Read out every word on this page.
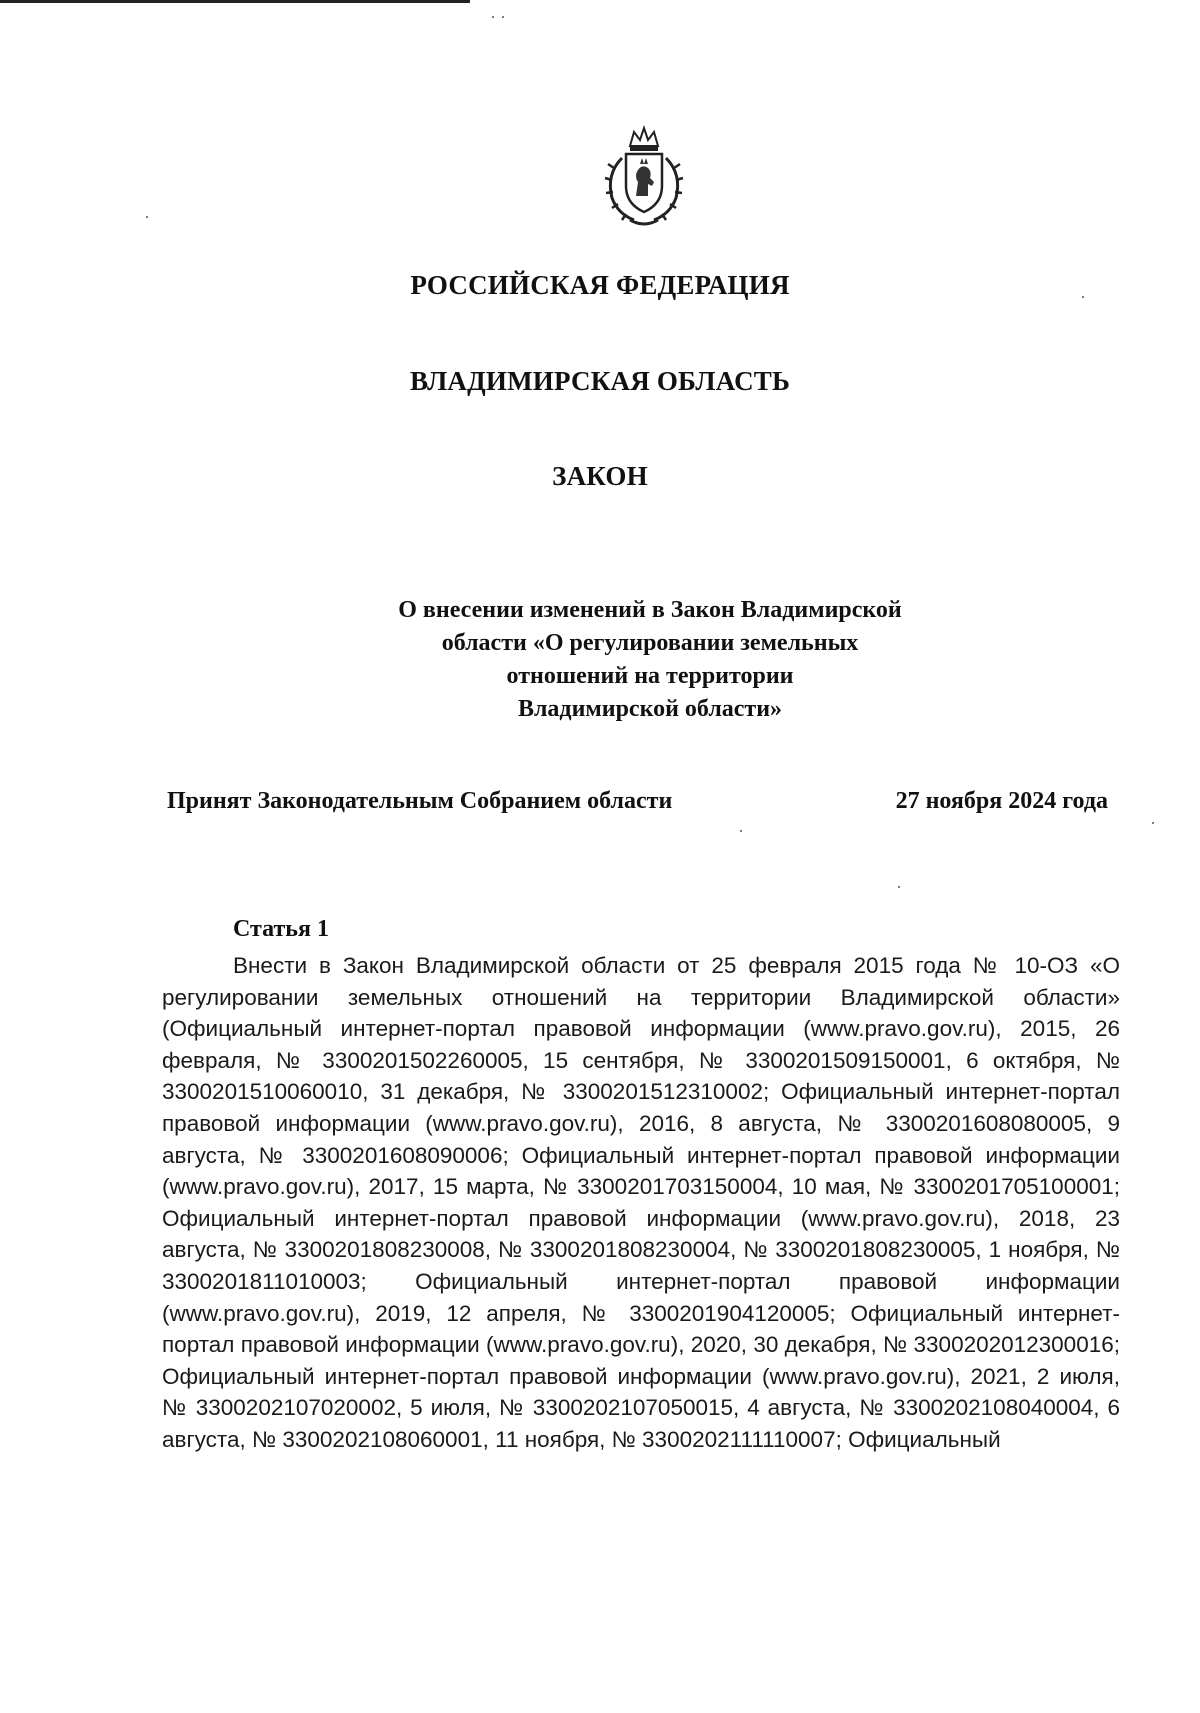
РОССИЙСКАЯ ФЕДЕРАЦИЯ
ВЛАДИМИРСКАЯ ОБЛАСТЬ
ЗАКОН
О внесении изменений в Закон Владимирской
области «О регулировании земельных
отношений на территории
Владимирской области»
Принят Законодательным Собранием области	27 ноября 2024 года
Статья 1
Внести в Закон Владимирской области от 25 февраля 2015 года № 10-ОЗ «О регулировании земельных отношений на территории Владимирской области» (Официальный интернет-портал правовой информации (www.pravo.gov.ru), 2015, 26 февраля, № 3300201502260005, 15 сентября, № 3300201509150001, 6 октября, № 3300201510060010, 31 декабря, № 3300201512310002; Официальный интернет-портал правовой информации (www.pravo.gov.ru), 2016, 8 августа, № 3300201608080005, 9 августа, № 3300201608090006; Официальный интернет-портал правовой информации (www.pravo.gov.ru), 2017, 15 марта, № 3300201703150004, 10 мая, № 3300201705100001; Официальный интернет-портал правовой информации (www.pravo.gov.ru), 2018, 23 августа, № 3300201808230008, № 3300201808230004, № 3300201808230005, 1 ноября, № 3300201811010003; Официальный интернет-портал правовой информации (www.pravo.gov.ru), 2019, 12 апреля, № 3300201904120005; Официальный интернет-портал правовой информации (www.pravo.gov.ru), 2020, 30 декабря, № 3300202012300016; Официальный интернет-портал правовой информации (www.pravo.gov.ru), 2021, 2 июля, № 3300202107020002, 5 июля, № 3300202107050015, 4 августа, № 3300202108040004, 6 августа, № 3300202108060001, 11 ноября, № 3300202111110007; Официальный
